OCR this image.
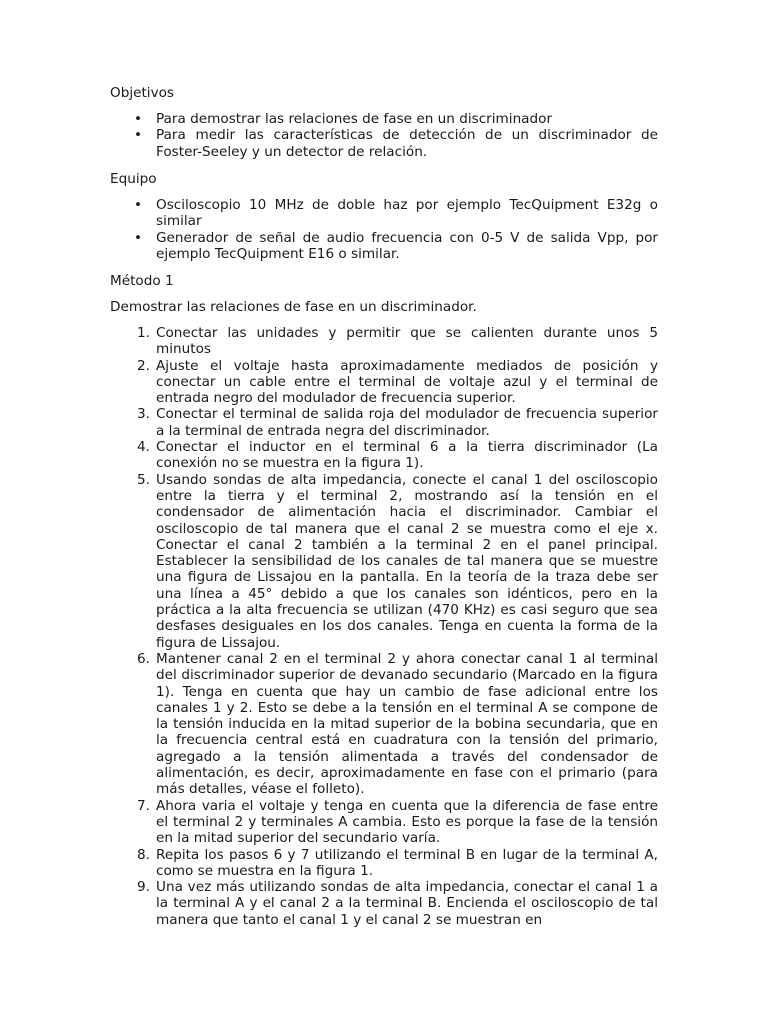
Objetivos
• Para demostrar las relaciones de fase en un discriminador
• Para medir las características de detección de un discriminador de Foster-Seeley y un detector de relación.
Equipo
• Osciloscopio 10 MHz de doble haz por ejemplo TecQuipment E32g o similar
• Generador de señal de audio frecuencia con 0-5 V de salida Vpp, por ejemplo TecQuipment E16 o similar.
Método 1

Demostrar las relaciones de fase en un discriminador.

1. Conectar las unidades y permitir que se calienten durante unos 5 minutos
2. Ajuste el voltaje hasta aproximadamente mediados de posición y conectar un cable entre el terminal de voltaje azul y el terminal de entrada negro del modulador de frecuencia superior.
3. Conectar el terminal de salida roja del modulador de frecuencia superior a la terminal de entrada negra del discriminador.
4. Conectar el inductor en el terminal 6 a la tierra discriminador (La conexión no se muestra en la figura 1).
5. Usando sondas de alta impedancia, conecte el canal 1 del osciloscopio entre la tierra y el terminal 2, mostrando así la tensión en el condensador de alimentación hacia el discriminador. Cambiar el osciloscopio de tal manera que el canal 2 se muestra como el eje x. Conectar el canal 2 también a la terminal 2 en el panel principal. Establecer la sensibilidad de los canales de tal manera que se muestre una figura de Lissajou en la pantalla. En la teoría de la traza debe ser una línea a 45° debido a que los canales son idénticos, pero en la práctica a la alta frecuencia se utilizan (470 KHz) es casi seguro que sea desfases desiguales en los dos canales. Tenga en cuenta la forma de la figura de Lissajou.
6. Mantener canal 2 en el terminal 2 y ahora conectar canal 1 al terminal del discriminador superior de devanado secundario (Marcado en la figura 1). Tenga en cuenta que hay un cambio de fase adicional entre los canales 1 y 2. Esto se debe a la tensión en el terminal A se compone de la tensión inducida en la mitad superior de la bobina secundaria, que en la frecuencia central está en cuadratura con la tensión del primario, agregado a la tensión alimentada a través del condensador de alimentación, es decir, aproximadamente en fase con el primario (para más detalles, véase el folleto).
7. Ahora varia el voltaje y tenga en cuenta que la diferencia de fase entre el terminal 2 y terminales A cambia. Esto es porque la fase de la tensión en la mitad superior del secundario varía.
8. Repita los pasos 6 y 7 utilizando el terminal B en lugar de la terminal A, como se muestra en la figura 1.
9. Una vez más utilizando sondas de alta impedancia, conectar el canal 1 a la terminal A y el canal 2 a la terminal B. Encienda el osciloscopio de tal manera que tanto el canal 1 y el canal 2 se muestran en
